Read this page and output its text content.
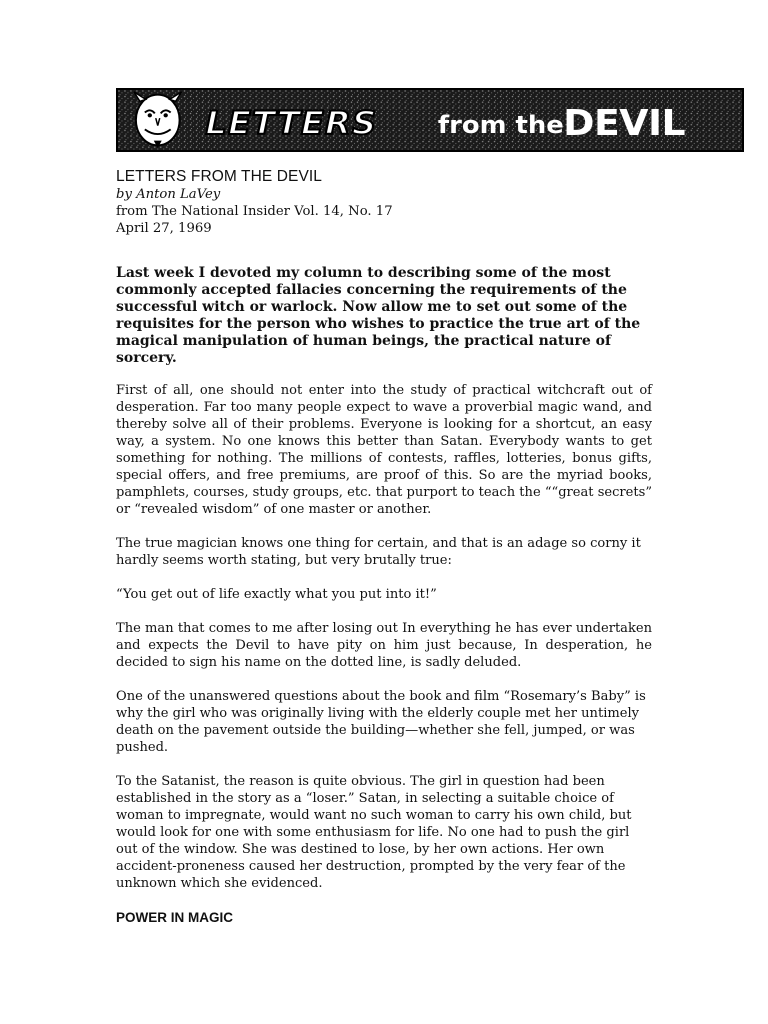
LETTERS from the DEVIL
LETTERS FROM THE DEVIL

by Anton LaVey

from The National Insider Vol. 14, No. 17

April 27, 1969

Last week I devoted my column to describing some of the most commonly accepted fallacies concerning the requirements of the successful witch or warlock. Now allow me to set out some of the requisites for the person who wishes to practice the true art of the magical manipulation of human beings, the practical nature of sorcery.

First of all, one should not enter into the study of practical witchcraft out of desperation. Far too many people expect to wave a proverbial magic wand, and thereby solve all of their problems. Everyone is looking for a shortcut, an easy way, a system. No one knows this better than Satan. Everybody wants to get something for nothing. The millions of contests, raffles, lotteries, bonus gifts, special offers, and free premiums, are proof of this. So are the myriad books, pamphlets, courses, study groups, etc. that purport to teach the ““great secrets” or “revealed wisdom” of one master or another.

The true magician knows one thing for certain, and that is an adage so corny it hardly seems worth stating, but very brutally true:

“You get out of life exactly what you put into it!”

The man that comes to me after losing out In everything he has ever undertaken and expects the Devil to have pity on him just because, In desperation, he decided to sign his name on the dotted line, is sadly deluded.

One of the unanswered questions about the book and film “Rosemary’s Baby” is why the girl who was originally living with the elderly couple met her untimely death on the pavement outside the building—whether she fell, jumped, or was pushed.

To the Satanist, the reason is quite obvious. The girl in question had been established in the story as a “loser.” Satan, in selecting a suitable choice of woman to impregnate, would want no such woman to carry his own child, but would look for one with some enthusiasm for life. No one had to push the girl out of the window. She was destined to lose, by her own actions. Her own accident-proneness caused her destruction, prompted by the very fear of the unknown which she evidenced.

POWER IN MAGIC
